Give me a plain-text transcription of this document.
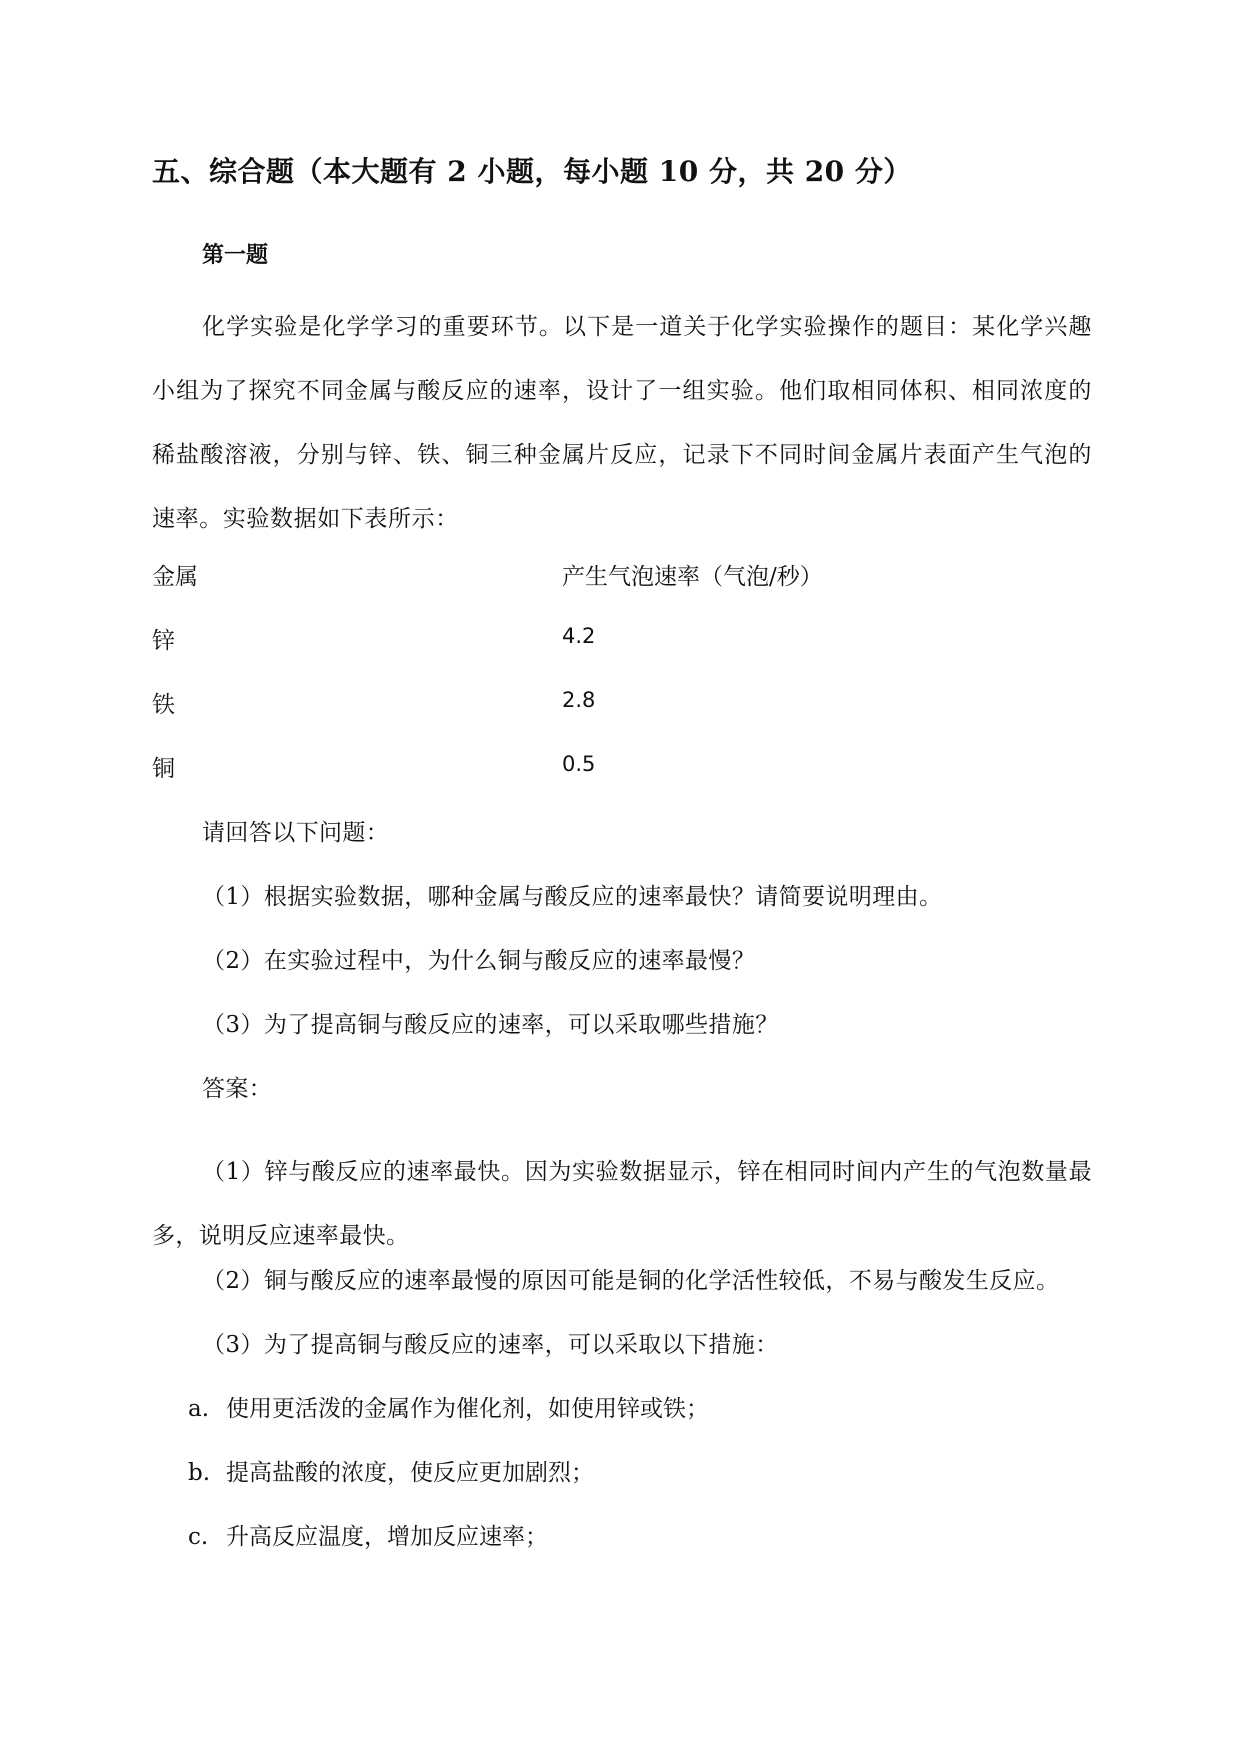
五、综合题（本大题有 2 小题，每小题 10 分，共 20 分）
第一题
化学实验是化学学习的重要环节。以下是一道关于化学实验操作的题目：某化学兴趣小组为了探究不同金属与酸反应的速率，设计了一组实验。他们取相同体积、相同浓度的稀盐酸溶液，分别与锌、铁、铜三种金属片反应，记录下不同时间金属片表面产生气泡的速率。实验数据如下表所示：
金属	产生气泡速率（气泡/秒）
锌	4.2
铁	2.8
铜	0.5
请回答以下问题：
（1）根据实验数据，哪种金属与酸反应的速率最快？请简要说明理由。
（2）在实验过程中，为什么铜与酸反应的速率最慢？
（3）为了提高铜与酸反应的速率，可以采取哪些措施？
答案：
（1）锌与酸反应的速率最快。因为实验数据显示，锌在相同时间内产生的气泡数量最多，说明反应速率最快。
（2）铜与酸反应的速率最慢的原因可能是铜的化学活性较低，不易与酸发生反应。
（3）为了提高铜与酸反应的速率，可以采取以下措施：
a. 使用更活泼的金属作为催化剂，如使用锌或铁；
b. 提高盐酸的浓度，使反应更加剧烈；
c. 升高反应温度，增加反应速率；
